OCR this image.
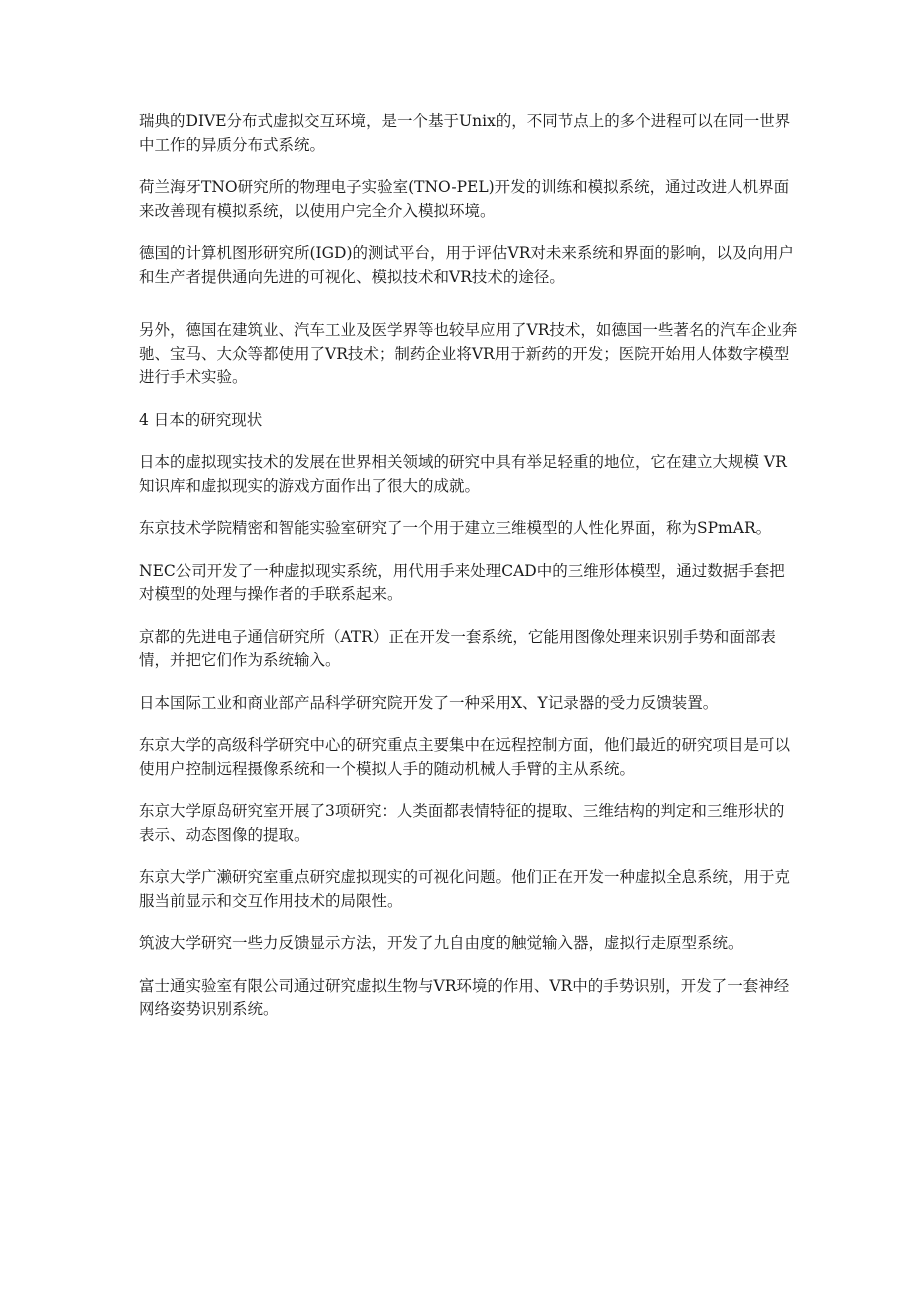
瑞典的DIVE分布式虚拟交互环境，是一个基于Unix的，不同节点上的多个进程可以在同一世界中工作的异质分布式系统。

荷兰海牙TNO研究所的物理电子实验室(TNO-PEL)开发的训练和模拟系统，通过改进人机界面来改善现有模拟系统，以使用户完全介入模拟环境。

德国的计算机图形研究所(IGD)的测试平台，用于评估VR对未来系统和界面的影响，以及向用户和生产者提供通向先进的可视化、模拟技术和VR技术的途径。

另外，德国在建筑业、汽车工业及医学界等也较早应用了VR技术，如德国一些著名的汽车企业奔驰、宝马、大众等都使用了VR技术；制药企业将VR用于新药的开发；医院开始用人体数字模型进行手术实验。

4 日本的研究现状

日本的虚拟现实技术的发展在世界相关领域的研究中具有举足轻重的地位，它在建立大规模 VR 知识库和虚拟现实的游戏方面作出了很大的成就。

东京技术学院精密和智能实验室研究了一个用于建立三维模型的人性化界面，称为SPmAR。

NEC公司开发了一种虚拟现实系统，用代用手来处理CAD中的三维形体模型，通过数据手套把对模型的处理与操作者的手联系起来。

京都的先进电子通信研究所（ATR）正在开发一套系统，它能用图像处理来识别手势和面部表情，并把它们作为系统输入。

日本国际工业和商业部产品科学研究院开发了一种采用X、Y记录器的受力反馈装置。

东京大学的高级科学研究中心的研究重点主要集中在远程控制方面，他们最近的研究项目是可以使用户控制远程摄像系统和一个模拟人手的随动机械人手臂的主从系统。

东京大学原岛研究室开展了3项研究：人类面都表情特征的提取、三维结构的判定和三维形状的表示、动态图像的提取。

东京大学广濑研究室重点研究虚拟现实的可视化问题。他们正在开发一种虚拟全息系统，用于克服当前显示和交互作用技术的局限性。

筑波大学研究一些力反馈显示方法，开发了九自由度的触觉输入器，虚拟行走原型系统。

富士通实验室有限公司通过研究虚拟生物与VR环境的作用、VR中的手势识别，开发了一套神经网络姿势识别系统。
